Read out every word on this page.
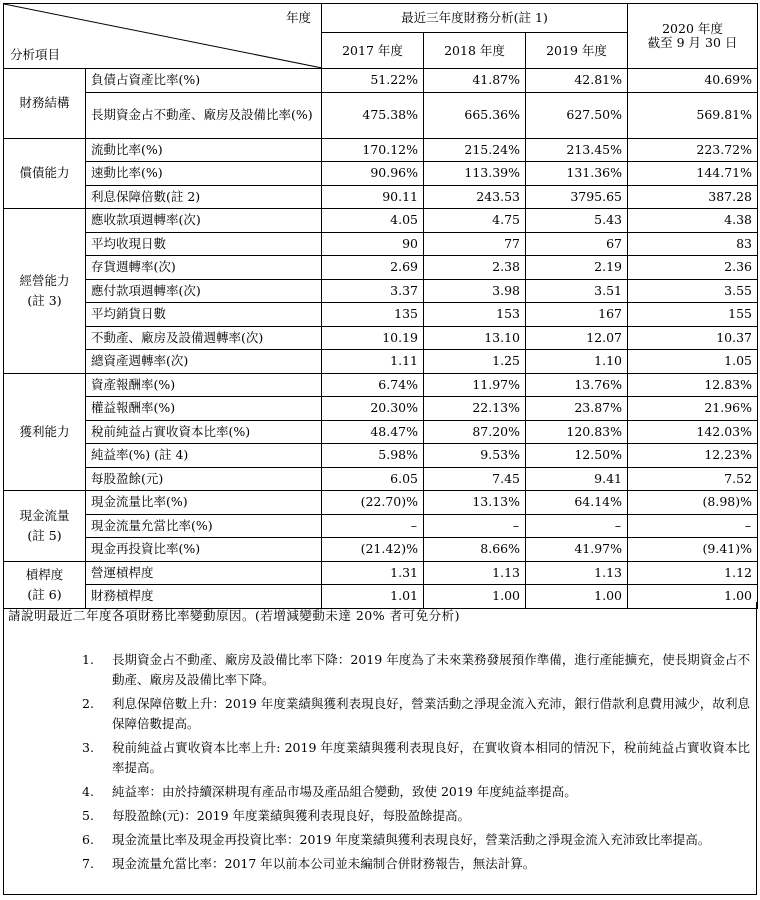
年度
分析項目		最近三年度財務分析(註 1)			2020 年度
截至 9 月 30 日
		2017 年度	2018 年度	2019 年度	
財務結構	負債占資產比率(%)	51.22%	41.87%	42.81%	40.69%
	長期資金占不動產、廠房及設備比率(%)	475.38%	665.36%	627.50%	569.81%
償債能力	流動比率(%)	170.12%	215.24%	213.45%	223.72%
	速動比率(%)	90.96%	113.39%	131.36%	144.71%
	利息保障倍數(註 2)	90.11	243.53	3795.65	387.28
經營能力
(註 3)	應收款項週轉率(次)	4.05	4.75	5.43	4.38
	平均收現日數	90	77	67	83
	存貨週轉率(次)	2.69	2.38	2.19	2.36
	應付款項週轉率(次)	3.37	3.98	3.51	3.55
	平均銷貨日數	135	153	167	155
	不動產、廠房及設備週轉率(次)	10.19	13.10	12.07	10.37
	總資產週轉率(次)	1.11	1.25	1.10	1.05
獲利能力	資產報酬率(%)	6.74%	11.97%	13.76%	12.83%
	權益報酬率(%)	20.30%	22.13%	23.87%	21.96%
	稅前純益占實收資本比率(%)	48.47%	87.20%	120.83%	142.03%
	純益率(%) (註 4)	5.98%	9.53%	12.50%	12.23%
	每股盈餘(元)	6.05	7.45	9.41	7.52
現金流量
(註 5)	現金流量比率(%)	(22.70)%	13.13%	64.14%	(8.98)%
	現金流量允當比率(%)	–	–	–	–
	現金再投資比率(%)	(21.42)%	8.66%	41.97%	(9.41)%
槓桿度
(註 6)	營運槓桿度	1.31	1.13	1.13	1.12
	財務槓桿度	1.01	1.00	1.00	1.00
請說明最近二年度各項財務比率變動原因。(若增減變動未達 20% 者可免分析)
1. 長期資金占不動產、廠房及設備比率下降：2019 年度為了未來業務發展預作準備，進行產能擴充，使長期資金占不動產、廠房及設備比率下降。
2. 利息保障倍數上升：2019 年度業績與獲利表現良好，營業活動之淨現金流入充沛，銀行借款利息費用減少，故利息保障倍數提高。
3. 稅前純益占實收資本比率上升: 2019 年度業績與獲利表現良好，在實收資本相同的情況下，稅前純益占實收資本比率提高。
4. 純益率：由於持續深耕現有產品市場及產品組合變動，致使 2019 年度純益率提高。
5. 每股盈餘(元)：2019 年度業績與獲利表現良好，每股盈餘提高。
6. 現金流量比率及現金再投資比率：2019 年度業績與獲利表現良好，營業活動之淨現金流入充沛致比率提高。
7. 現金流量允當比率：2017 年以前本公司並未編制合併財務報告，無法計算。
